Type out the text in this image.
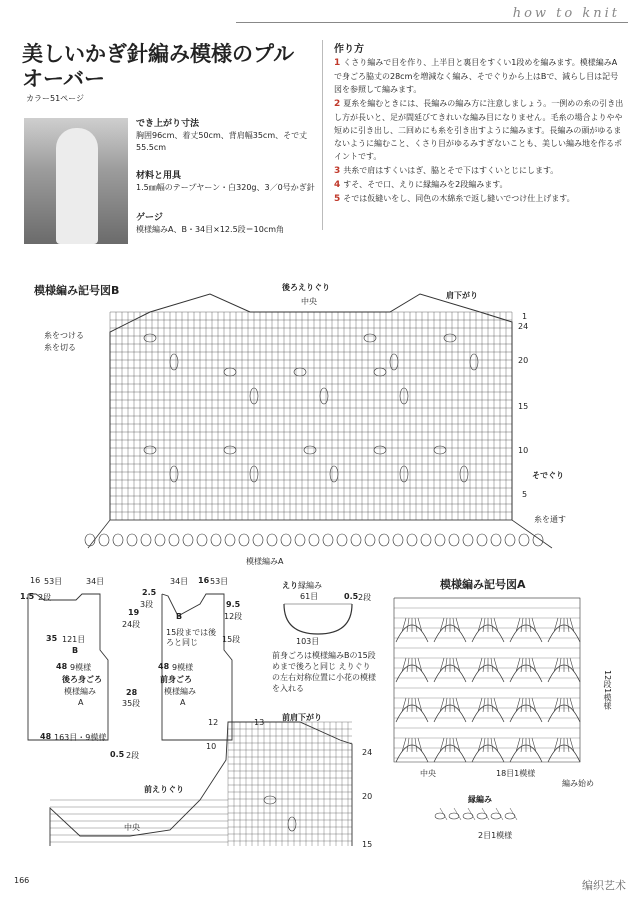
how to knit
美しいかぎ針編み模様のプルオーバー
カラー51ページ
でき上がり寸法
胸囲96cm、着丈50cm、背肩幅35cm、そで丈55.5cm
材料と用具
1.5㎜幅のテープヤーン・白320g、3／0号かぎ針
ゲージ
模様編みA、B・34目×12.5段＝10cm角
作り方
1 くさり編みで目を作り、上半目と裏目をすくい1段めを編みます。模様編みAで身ごろ脇丈の28cmを増減なく編み、そでぐりから上はBで、減らし目は記号図を参照して編みます。
2 夏糸を編むときには、長編みの編み方に注意しましょう。一例めの糸の引き出し方が長いと、足が間延びてきれいな編み目になりません。毛糸の場合よりやや短めに引き出し、二回めにも糸を引き出すように編みます。長編みの頭がゆるまないように編むこと、くさり目がゆるみすぎないことも、美しい編み地を作るポイントです。
3 共糸で肩はすくいはぎ、脇とそで下はすくいとじにします。
4 すそ、そで口、えりに縁編みを2段編みます。
5 そでは仮縫いをし、同色の木綿糸で返し縫いでつけ仕上げます。
模様編み記号図B
糸をつける
糸を切る
後ろえりぐり
中央
肩下がり
そでぐり
糸を通す
模様編みA
24
20
15
10
5
1
16 53目	34目
1.5 2段
35 121目
B
48 9模様
後ろ身ごろ
模様編み
A
48 163目・9模様
0.5 2段
34目 16 53目
2.5
3段
19
24段
B
9.5
12段
15段までは後ろと同じ	15段
48 9模様
前身ごろ
模様編み
A
28
35段
えり 縁編み
61目	0.5 2段
103目
前身ごろは模様編みBの15段めまで後ろと同じ えりぐりの左右対称位置に小花の模様を入れる
模様編み記号図A
18目1模様
中央
編み始め
12段1模様
前肩下がり
前えりぐり
中央
24
20
15
10
12	13
縁編み
2目1模様
166	编织艺术
